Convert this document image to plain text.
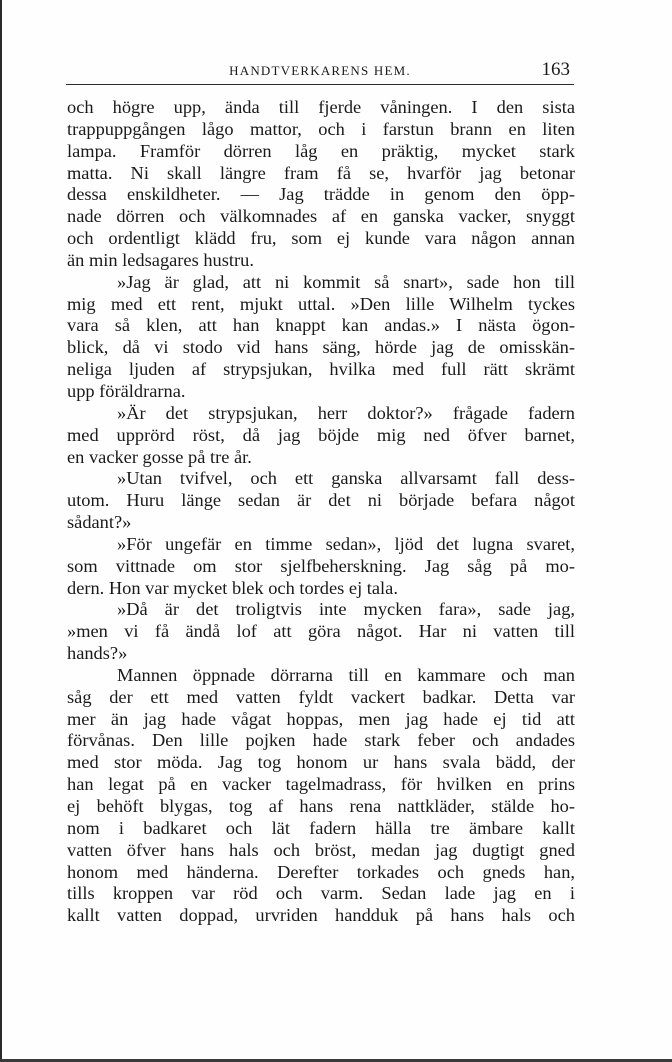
HANDTVERKARENS HEM.	163
och högre upp, ända till fjerde våningen. I den sista
trappuppgången lågo mattor, och i farstun brann en liten
lampa. Framför dörren låg en präktig, mycket stark
matta. Ni skall längre fram få se, hvarför jag betonar
dessa enskildheter. — Jag trädde in genom den öpp-
nade dörren och välkomnades af en ganska vacker, snyggt
och ordentligt klädd fru, som ej kunde vara någon annan
än min ledsagares hustru.
»Jag är glad, att ni kommit så snart», sade hon till
mig med ett rent, mjukt uttal. »Den lille Wilhelm tyckes
vara så klen, att han knappt kan andas.» I nästa ögon-
blick, då vi stodo vid hans säng, hörde jag de omisskän-
neliga ljuden af strypsjukan, hvilka med full rätt skrämt
upp föräldrarna.
»Är det strypsjukan, herr doktor?» frågade fadern
med upprörd röst, då jag böjde mig ned öfver barnet,
en vacker gosse på tre år.
»Utan tvifvel, och ett ganska allvarsamt fall dess-
utom. Huru länge sedan är det ni började befara något
sådant?»
»För ungefär en timme sedan», ljöd det lugna svaret,
som vittnade om stor sjelfbeherskning. Jag såg på mo-
dern. Hon var mycket blek och tordes ej tala.
»Då är det troligtvis inte mycken fara», sade jag,
»men vi få ändå lof att göra något. Har ni vatten till
hands?»
Mannen öppnade dörrarna till en kammare och man
såg der ett med vatten fyldt vackert badkar. Detta var
mer än jag hade vågat hoppas, men jag hade ej tid att
förvånas. Den lille pojken hade stark feber och andades
med stor möda. Jag tog honom ur hans svala bädd, der
han legat på en vacker tagelmadrass, för hvilken en prins
ej behöft blygas, tog af hans rena nattkläder, stälde ho-
nom i badkaret och lät fadern hälla tre ämbare kallt
vatten öfver hans hals och bröst, medan jag dugtigt gned
honom med händerna. Derefter torkades och gneds han,
tills kroppen var röd och varm. Sedan lade jag en i
kallt vatten doppad, urvriden handduk på hans hals och
